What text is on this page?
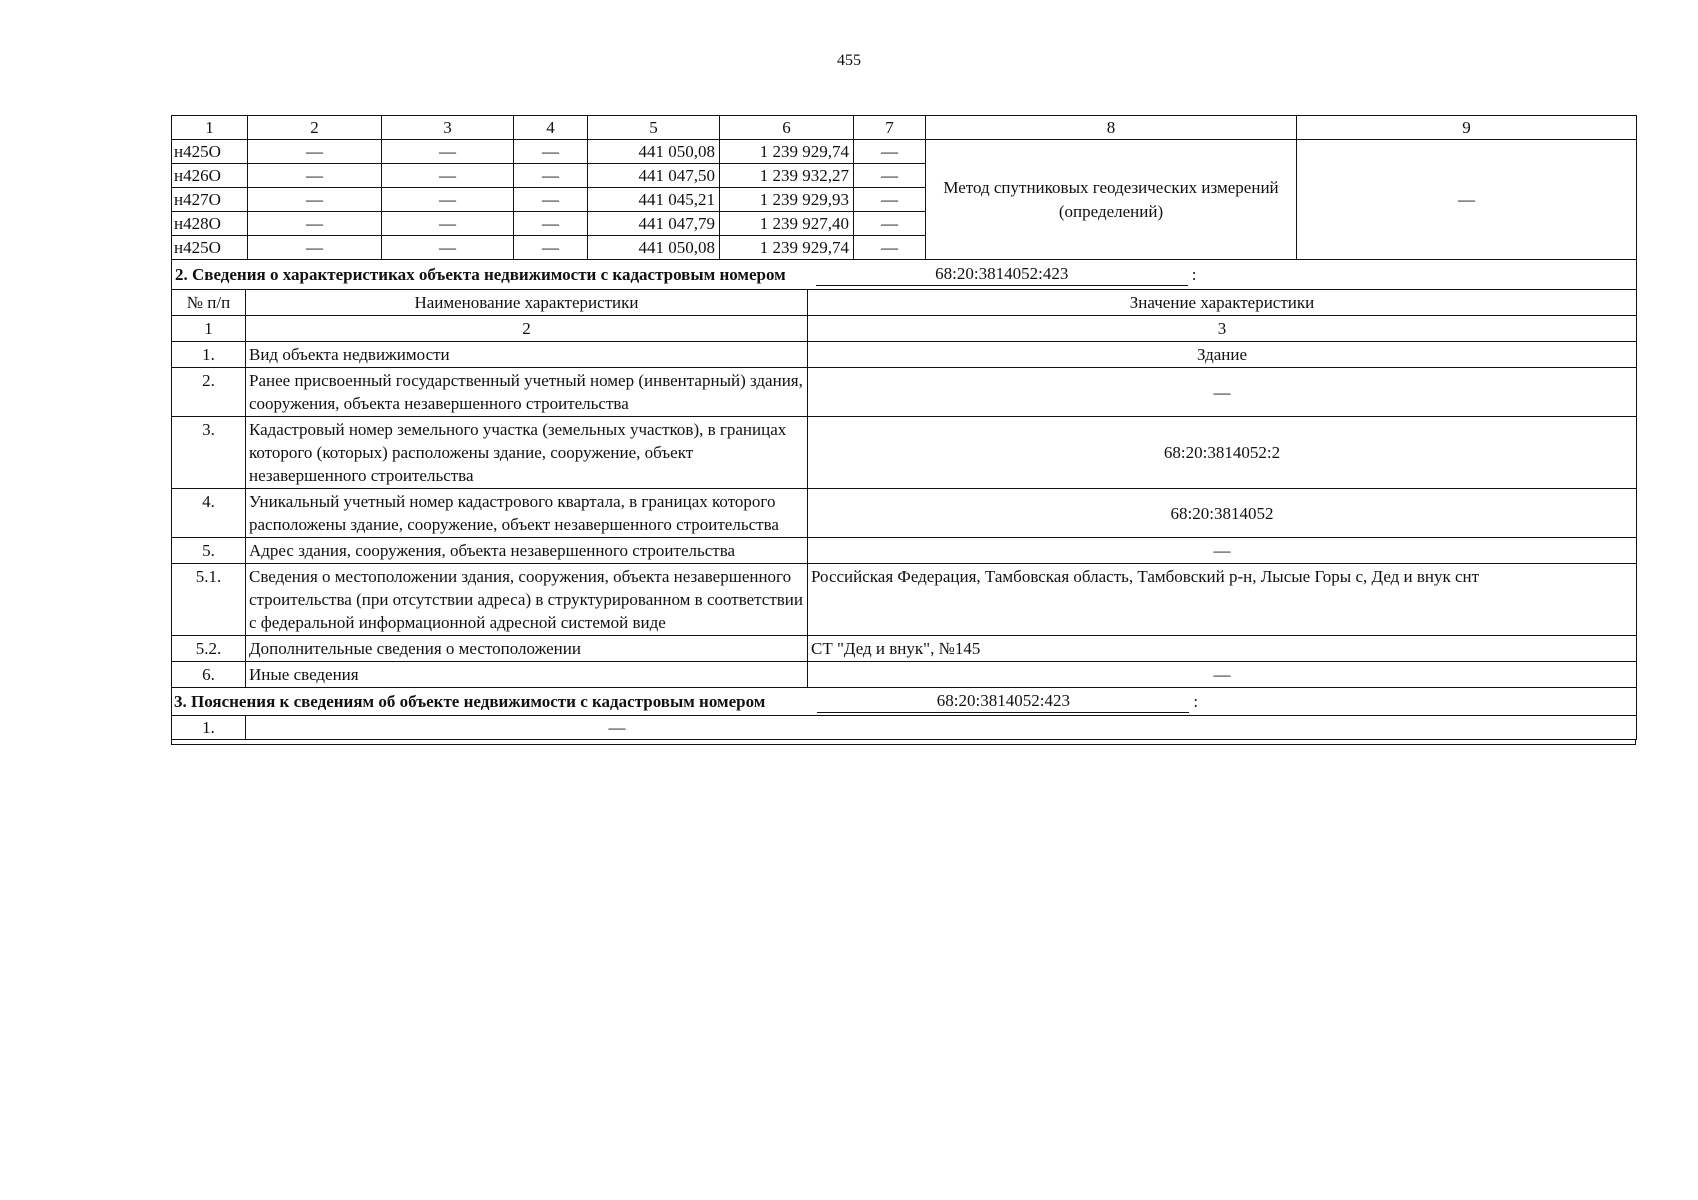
455
1	2	3	4	5	6	7	8	9
н425О	—	—	—	441 050,08	1 239 929,74	—	Метод спутниковых геодезических измерений (определений)	—
н426О	—	—	—	441 047,50	1 239 932,27	—		
н427О	—	—	—	441 045,21	1 239 929,93	—		
н428О	—	—	—	441 047,79	1 239 927,40	—		
н425О	—	—	—	441 050,08	1 239 929,74	—		
2. Сведения о характеристиках объекта недвижимости с кадастровым номером 68:20:3814052:423 :		

№ п/п	Наименование характеристики	Значение характеристики
1	2	3
1.	Вид объекта недвижимости	Здание
2.	Ранее присвоенный государственный учетный номер (инвентарный) здания, сооружения, объекта незавершенного строительства	—
3.	Кадастровый номер земельного участка (земельных участков), в границах которого (которых) расположены здание, сооружение, объект незавершенного строительства	68:20:3814052:2
4.	Уникальный учетный номер кадастрового квартала, в границах которого расположены здание, сооружение, объект незавершенного строительства	68:20:3814052
5.	Адрес здания, сооружения, объекта незавершенного строительства	—
5.1.	Сведения о местоположении здания, сооружения, объекта незавершенного строительства (при отсутствии адреса) в структурированном в соответствии с федеральной информационной адресной системой виде	Российская Федерация, Тамбовская область, Тамбовский р-н, Лысые Горы с, Дед и внук снт
5.2.	Дополнительные сведения о местоположении	СТ "Дед и внук", №145
6.	Иные сведения	—
3. Пояснения к сведениям об объекте недвижимости с кадастровым номером	68:20:3814052:423	:

1.	—
